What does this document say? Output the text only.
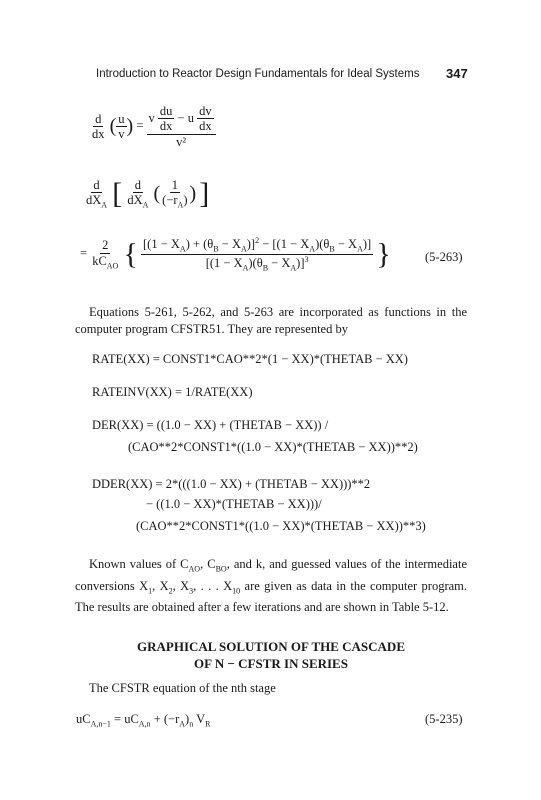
Introduction to Reactor Design Fundamentals for Ideal Systems 347
$\frac{d}{dx}$ ( $\frac{u}{v}$ ) = $\frac{v \frac{du}{dx} - u \frac{dv}{dx}}{\text{v²}}$
$\frac{d}{dX_A}$ [ $\frac{d}{dX_A}$ ( $\frac{1}{(-r_A)}$ ) ]
= $\frac{2}{kC_{AO}}$ { $\frac{[(1 - X_A) + (\theta_B - X_A)]^2 - [(1 - X_A)(\theta_B - X_A)]}{[(1 - X_A)(\theta_B - X_A)]^3}$ }	(5-263)
Equations 5-261, 5-262, and 5-263 are incorporated as functions in the computer program CFSTR51. They are represented by
RATE(XX) = CONST1*CAO**2*(1 − XX)*(THETAB − XX)
RATEINV(XX) = 1/RATE(XX)
DER(XX) = ((1.0 − XX) + (THETAB − XX)) /
(CAO**2*CONST1*((1.0 − XX)*(THETAB − XX))**2)
DDER(XX) = 2*(((1.0 − XX) + (THETAB − XX)))**2
− ((1.0 − XX)*(THETAB − XX)))/
(CAO**2*CONST1*((1.0 − XX)*(THETAB − XX))**3)
Known values of $C_{AO}$, $C_{BO}$, and k, and guessed values of the intermediate conversions $X_1$, $X_2$, $X_3$, . . . $X_{10}$ are given as data in the computer program. The results are obtained after a few iterations and are shown in Table 5-12.
GRAPHICAL SOLUTION OF THE CASCADE
OF N − CFSTR IN SERIES
The CFSTR equation of the nth stage
$uC_{A,n-1} = uC_{A,n} + (-r_A)_n$ $V_R$	(5-235)
